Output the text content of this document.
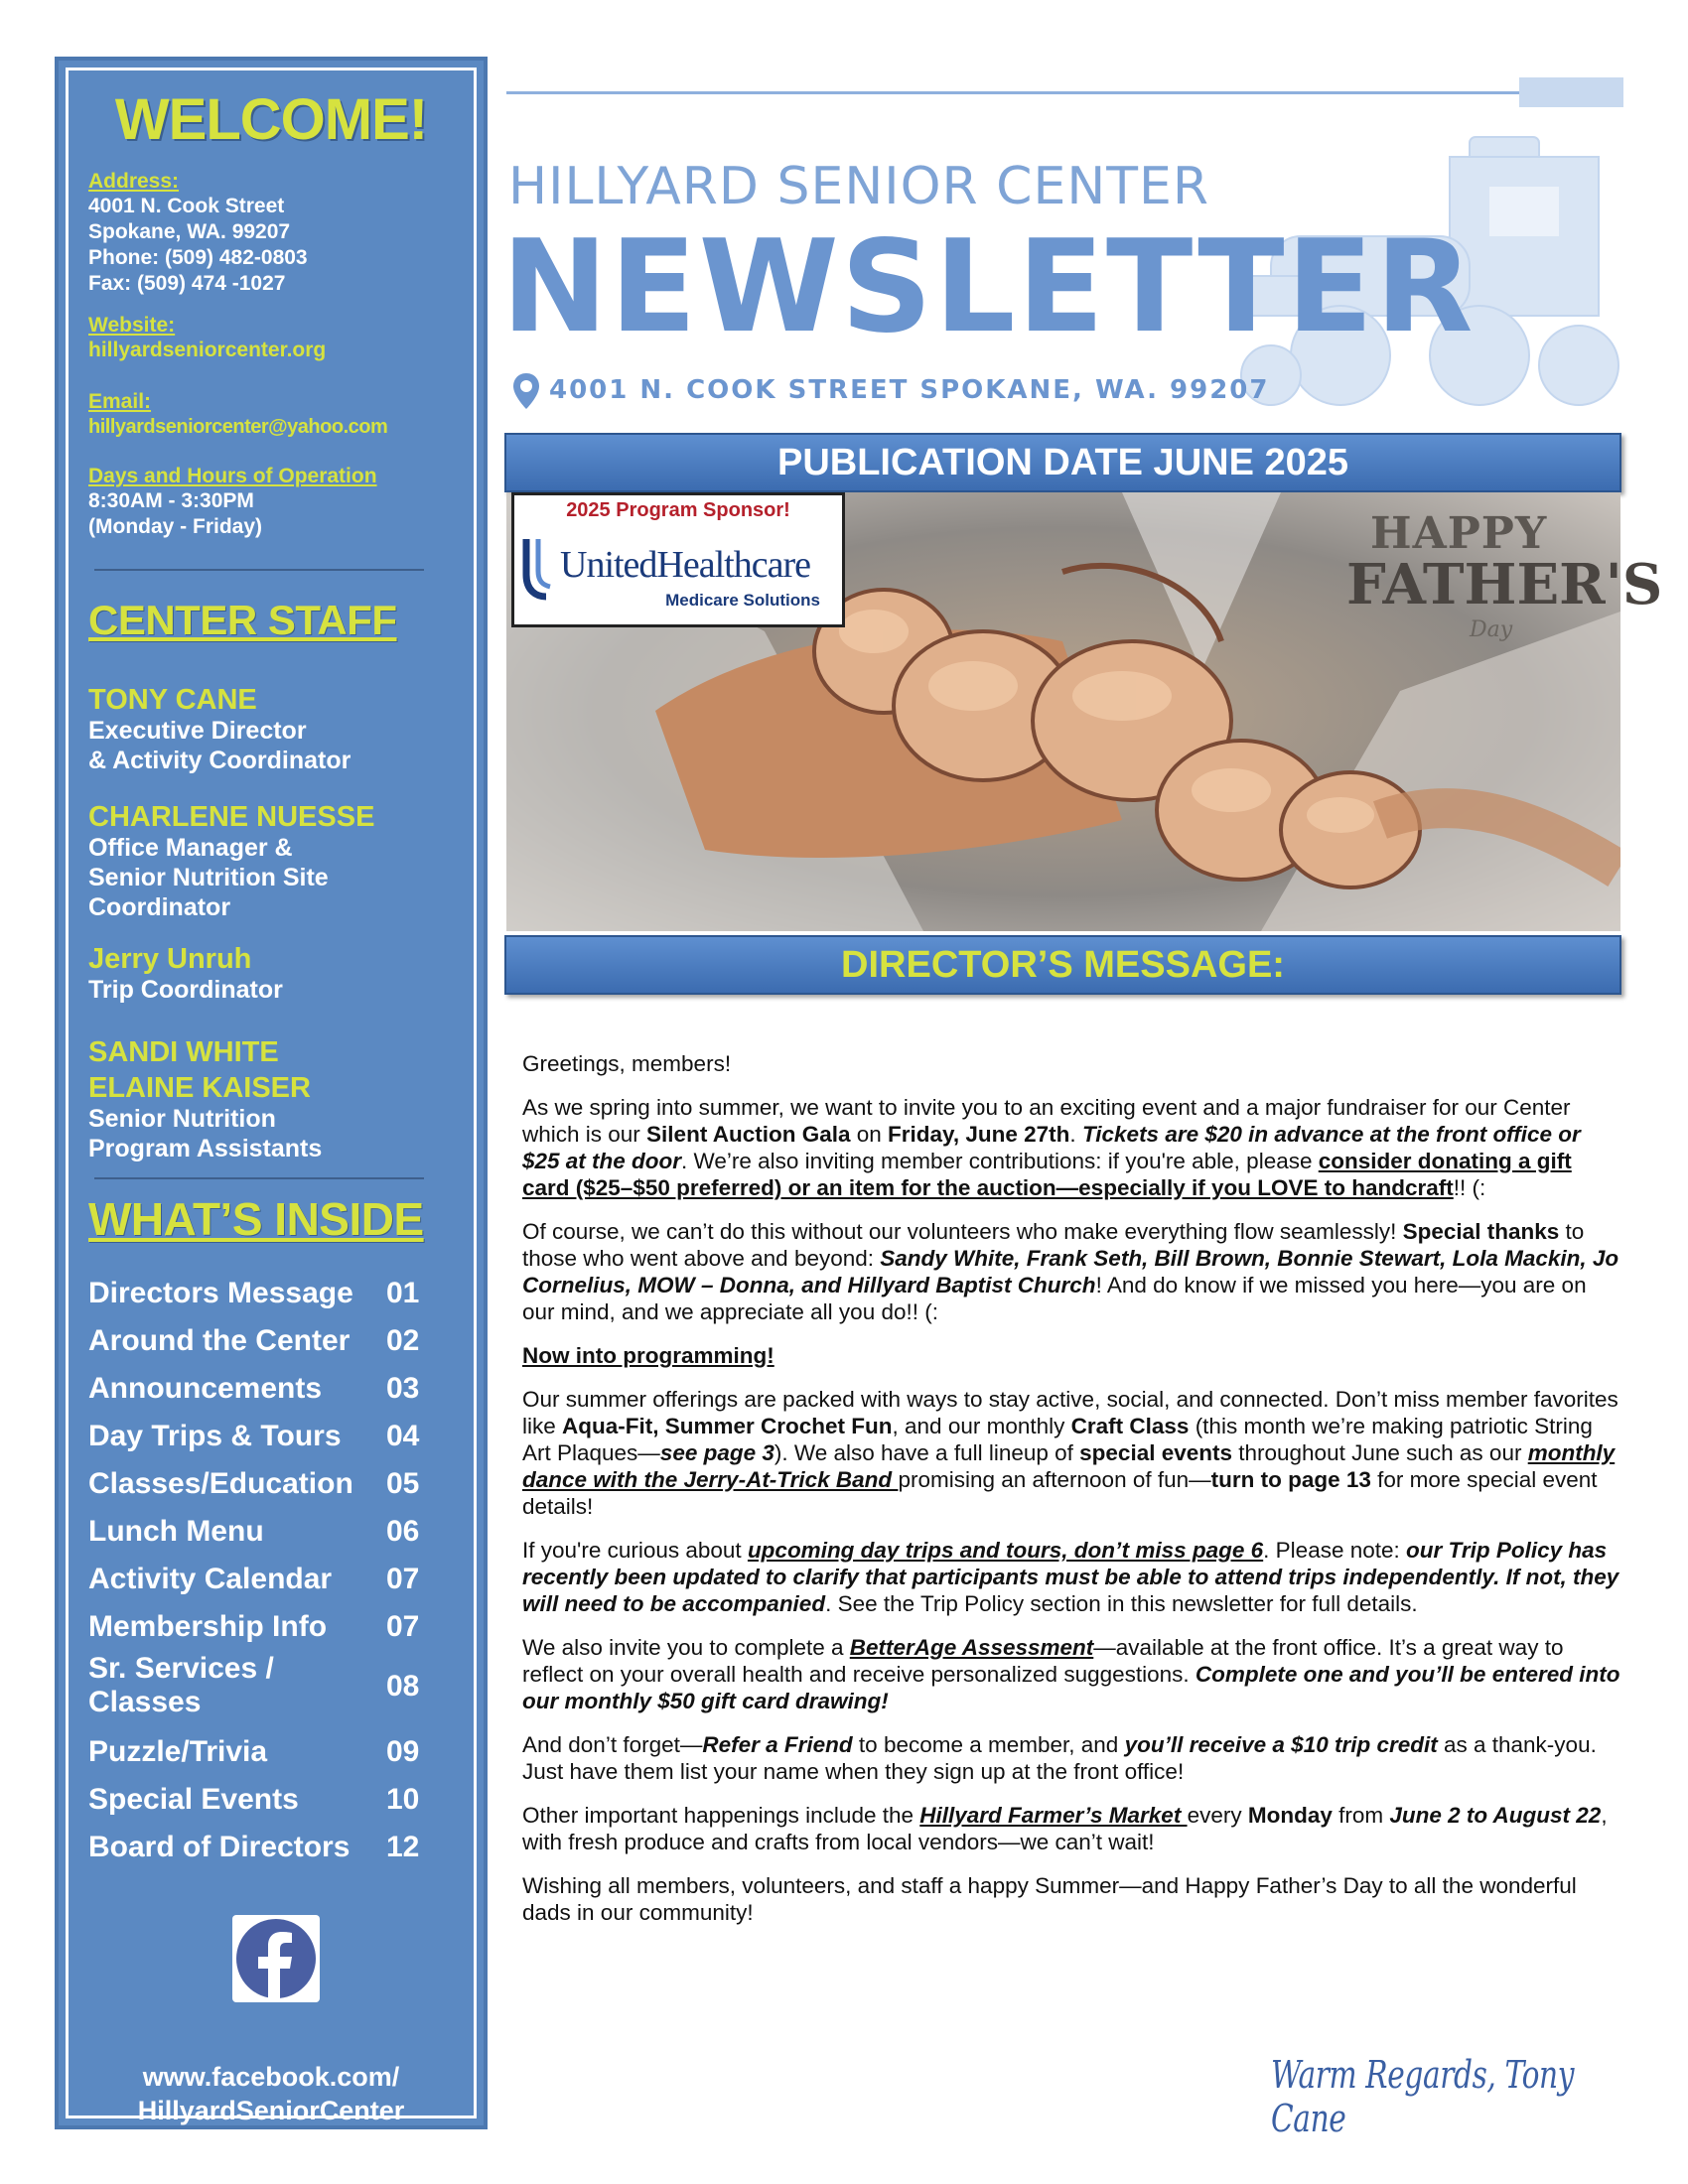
WELCOME!
Address:
4001 N. Cook Street
Spokane, WA. 99207
Phone: (509) 482-0803
Fax: (509) 474 -1027
Website:
hillyardseniorcenter.org
Email:
hillyardseniorcenter@yahoo.com
Days and Hours of Operation
8:30AM - 3:30PM
(Monday - Friday)
CENTER STAFF
TONY CANE
Executive Director
& Activity Coordinator
CHARLENE NUESSE
Office Manager &
Senior Nutrition Site
Coordinator
Jerry Unruh
Trip Coordinator
SANDI WHITE
ELAINE KAISER
Senior Nutrition
Program Assistants
WHAT’S INSIDE
Directors Message	01
Around the Center	02
Announcements	03
Day Trips & Tours	04
Classes/Education	05
Lunch Menu	06
Activity Calendar	07
Membership Info	07
Sr. Services /
Classes	08
Puzzle/Trivia	09
Special Events	10
Board of Directors	12
www.facebook.com/
HillyardSeniorCenter
HILLYARD SENIOR CENTER
NEWSLETTER
4001 N. COOK STREET SPOKANE, WA. 99207
PUBLICATION DATE JUNE 2025
2025 Program Sponsor!
UnitedHealthcare
Medicare Solutions
HAPPY
FATHER'S
Day
DIRECTOR’S MESSAGE:

Greetings, members!

As we spring into summer, we want to invite you to an exciting event and a major fundraiser for our Center which is our Silent Auction Gala on Friday, June 27th. Tickets are $20 in advance at the front office or $25 at the door. We’re also inviting member contributions: if you're able, please consider donating a gift card ($25–$50 preferred) or an item for the auction—especially if you LOVE to handcraft!! (:

Of course, we can’t do this without our volunteers who make everything flow seamlessly! Special thanks to those who went above and beyond: Sandy White, Frank Seth, Bill Brown, Bonnie Stewart, Lola Mackin, Jo Cornelius, MOW – Donna, and Hillyard Baptist Church! And do know if we missed you here—you are on our mind, and we appreciate all you do!! (:

Now into programming!

Our summer offerings are packed with ways to stay active, social, and connected. Don’t miss member favorites like Aqua-Fit, Summer Crochet Fun, and our monthly Craft Class (this month we’re making patriotic String Art Plaques—see page 3). We also have a full lineup of special events throughout June such as our monthly dance with the Jerry-At-Trick Band promising an afternoon of fun—turn to page 13 for more special event details!

If you're curious about upcoming day trips and tours, don’t miss page 6. Please note: our Trip Policy has recently been updated to clarify that participants must be able to attend trips independently. If not, they will need to be accompanied. See the Trip Policy section in this newsletter for full details.

We also invite you to complete a BetterAge Assessment—available at the front office. It’s a great way to reflect on your overall health and receive personalized suggestions. Complete one and you’ll be entered into our monthly $50 gift card drawing!

And don’t forget—Refer a Friend to become a member, and you’ll receive a $10 trip credit as a thank-you. Just have them list your name when they sign up at the front office!

Other important happenings include the Hillyard Farmer’s Market every Monday from June 2 to August 22, with fresh produce and crafts from local vendors—we can’t wait!

Wishing all members, volunteers, and staff a happy Summer—and Happy Father’s Day to all the wonderful dads in our community!

Warm Regards, Tony Cane
